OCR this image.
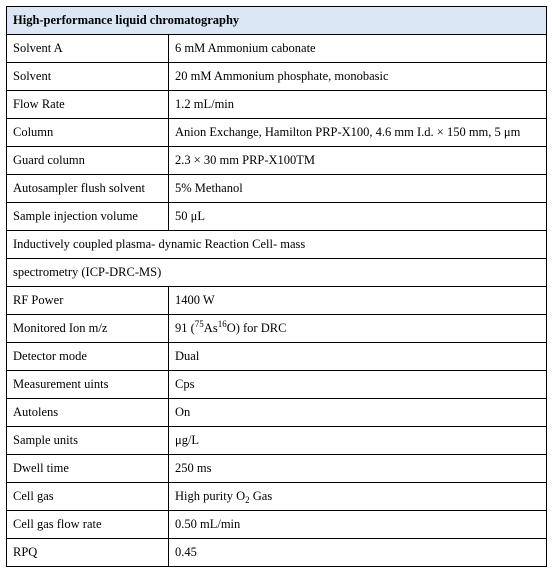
High-performance liquid chromatography	
Solvent A	6 mM Ammonium cabonate
Solvent	20 mM Ammonium phosphate, monobasic
Flow Rate	1.2 mL/min
Column	Anion Exchange, Hamilton PRP-X100, 4.6 mm I.d. × 150 mm, 5 μm
Guard column	2.3 × 30 mm PRP-X100TM
Autosampler flush solvent	5% Methanol
Sample injection volume	50 μL
Inductively coupled plasma- dynamic Reaction Cell- mass	
spectrometry (ICP-DRC-MS)	
RF Power	1400 W
Monitored Ion m/z	91 ($^{75}$As$^{16}$O) for DRC
Detector mode	Dual
Measurement uints	Cps
Autolens	On
Sample units	μg/L
Dwell time	250 ms
Cell gas	High purity $O_2$ Gas
Cell gas flow rate	0.50 mL/min
RPQ	0.45
